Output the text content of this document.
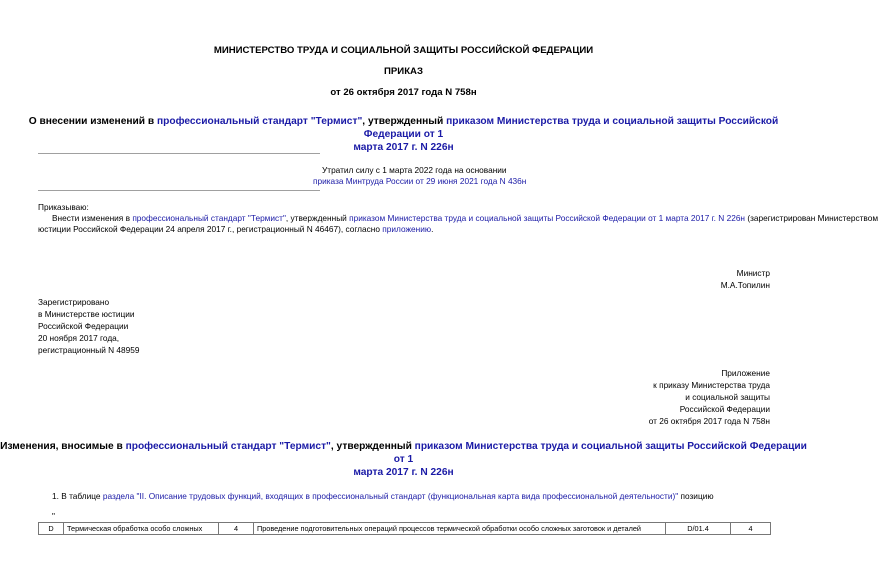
МИНИСТЕРСТВО ТРУДА И СОЦИАЛЬНОЙ ЗАЩИТЫ РОССИЙСКОЙ ФЕДЕРАЦИИ
ПРИКАЗ
от 26 октября 2017 года N 758н
О внесении изменений в профессиональный стандарт "Термист", утвержденный приказом Министерства труда и социальной защиты Российской Федерации от 1
марта 2017 г. N 226н
Утратил силу с 1 марта 2022 года на основании
приказа Минтруда России от 29 июня 2021 года N 436н
Приказываю:
Внести изменения в профессиональный стандарт "Термист", утвержденный приказом Министерства труда и социальной защиты Российской Федерации от 1 марта 2017 г. N 226н (зарегистрирован Министерством
юстиции Российской Федерации 24 апреля 2017 г., регистрационный N 46467), согласно приложению.
Министр
М.А.Топилин
Зарегистрировано
в Министерстве юстиции
Российской Федерации
20 ноября 2017 года,
регистрационный N 48959
Приложение
к приказу Министерства труда
и социальной защиты
Российской Федерации
от 26 октября 2017 года N 758н
Изменения, вносимые в профессиональный стандарт "Термист", утвержденный приказом Министерства труда и социальной защиты Российской Федерации от 1
марта 2017 г. N 226н
1. В таблице раздела "II. Описание трудовых функций, входящих в профессиональный стандарт (функциональная карта вида профессиональной деятельности)" позицию
"
D	Термическая обработка особо сложных	4	Проведение подготовительных операций процессов термической обработки особо сложных заготовок и деталей	D/01.4	4
